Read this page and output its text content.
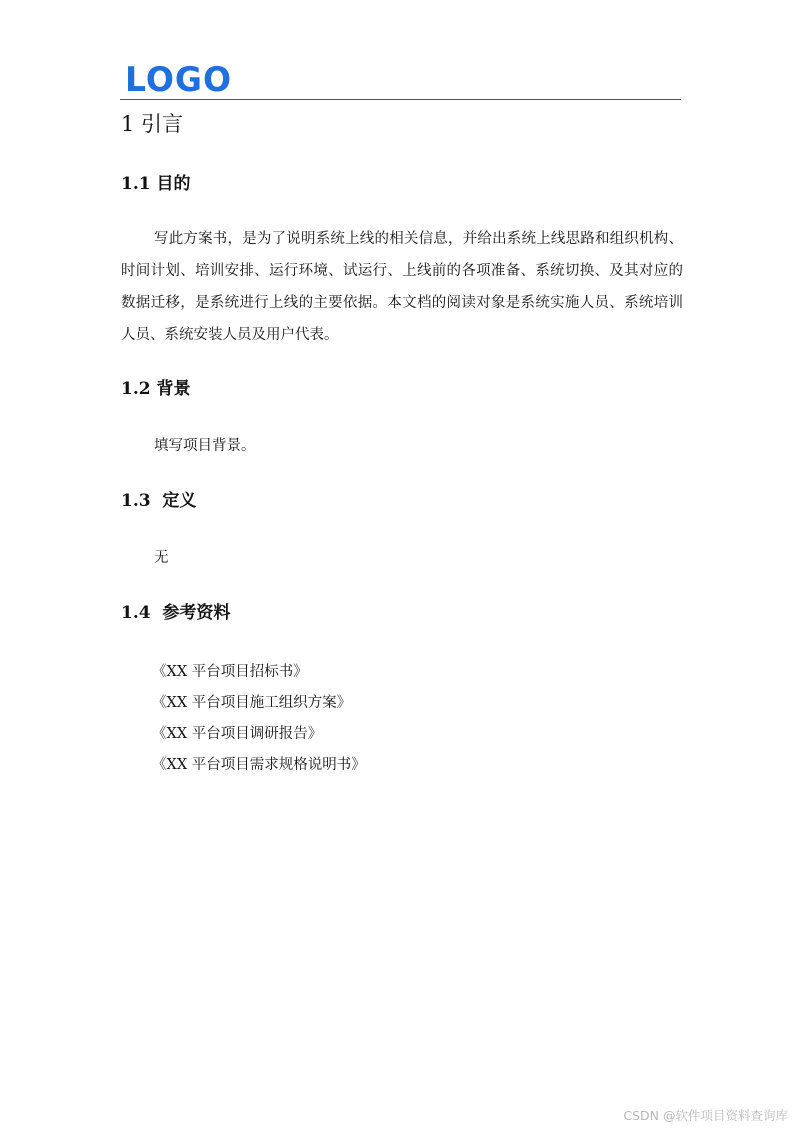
LOGO
1 引言
1.1 目的

写此方案书，是为了说明系统上线的相关信息，并给出系统上线思路和组织机构、时间计划、培训安排、运行环境、试运行、上线前的各项准备、系统切换、及其对应的数据迁移，是系统进行上线的主要依据。本文档的阅读对象是系统实施人员、系统培训人员、系统安装人员及用户代表。

1.2 背景

填写项目背景。

1.3  定义

无

1.4  参考资料
《XX 平台项目招标书》
《XX 平台项目施工组织方案》
《XX 平台项目调研报告》
《XX 平台项目需求规格说明书》
CSDN @软件项目资料查询库
